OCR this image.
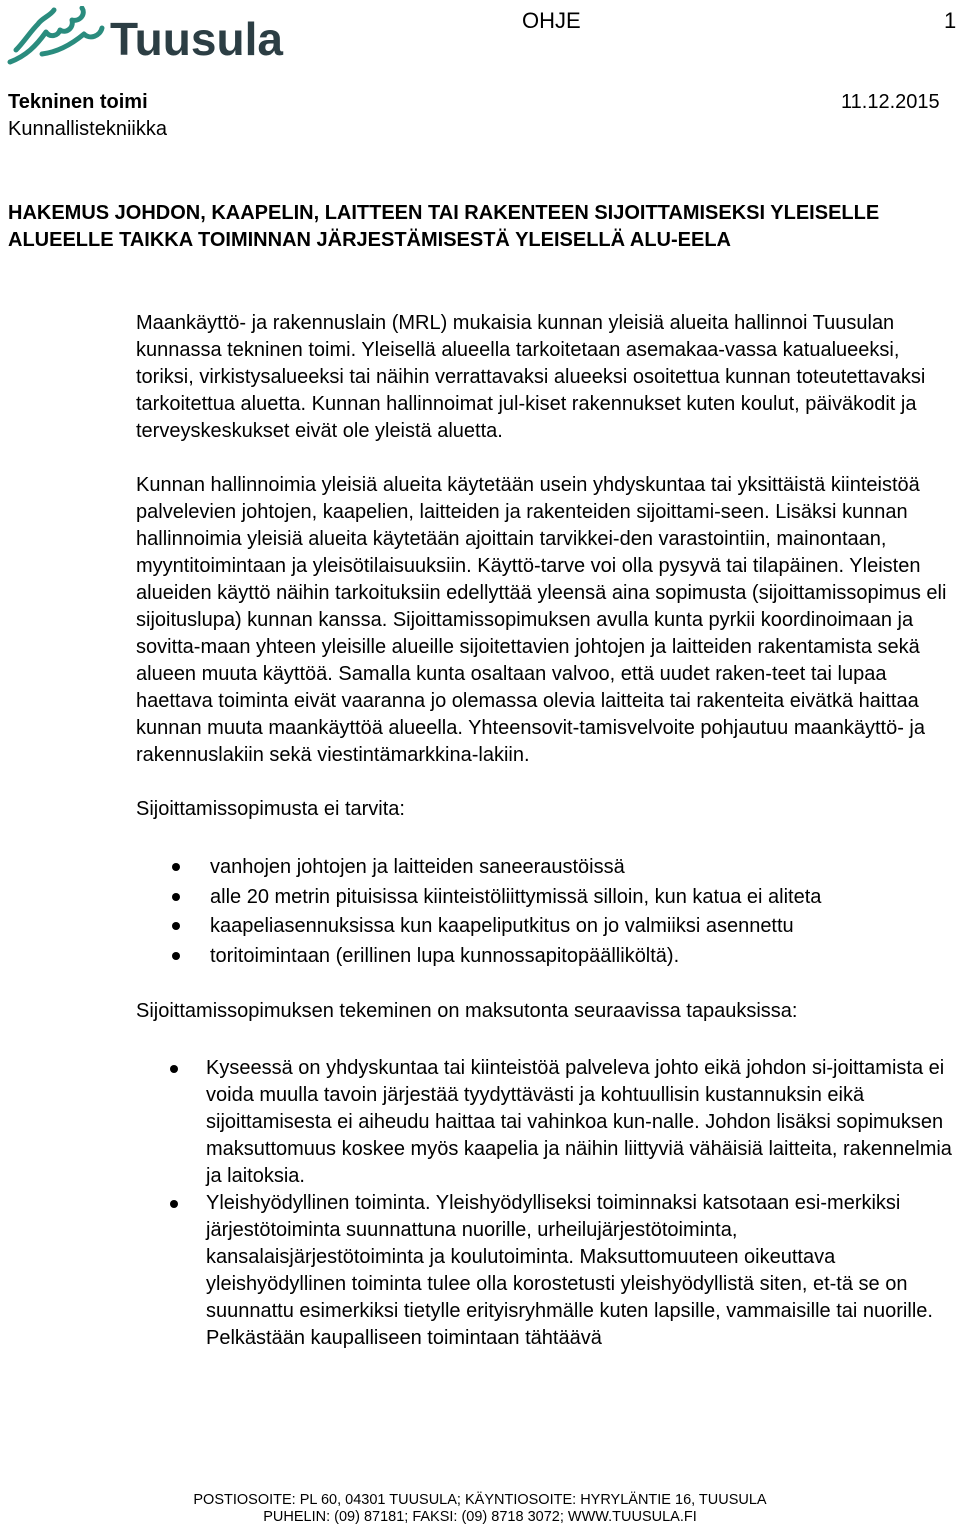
Tuusula	OHJE	1
Tekninen toimi	11.12.2015
Kunnallistekniikka
HAKEMUS JOHDON, KAAPELIN, LAITTEEN TAI RAKENTEEN SIJOITTAMISEKSI YLEISELLE ALUEELLE TAIKKA TOIMINNAN JÄRJESTÄMISESTÄ YLEISELLÄ ALU-EELA

Maankäyttö- ja rakennuslain (MRL) mukaisia kunnan yleisiä alueita hallinnoi Tuusulan kunnassa tekninen toimi. Yleisellä alueella tarkoitetaan asemakaa-vassa katualueeksi, toriksi, virkistysalueeksi tai näihin verrattavaksi alueeksi osoitettua kunnan toteutettavaksi tarkoitettua aluetta. Kunnan hallinnoimat jul-kiset rakennukset kuten koulut, päiväkodit ja terveyskeskukset eivät ole yleistä aluetta.

Kunnan hallinnoimia yleisiä alueita käytetään usein yhdyskuntaa tai yksittäistä kiinteistöä palvelevien johtojen, kaapelien, laitteiden ja rakenteiden sijoittami-seen. Lisäksi kunnan hallinnoimia yleisiä alueita käytetään ajoittain tarvikkei-den varastointiin, mainontaan, myyntitoimintaan ja yleisötilaisuuksiin. Käyttö-tarve voi olla pysyvä tai tilapäinen. Yleisten alueiden käyttö näihin tarkoituksiin edellyttää yleensä aina sopimusta (sijoittamissopimus eli sijoituslupa) kunnan kanssa. Sijoittamissopimuksen avulla kunta pyrkii koordinoimaan ja sovitta-maan yhteen yleisille alueille sijoitettavien johtojen ja laitteiden rakentamista sekä alueen muuta käyttöä. Samalla kunta osaltaan valvoo, että uudet raken-teet tai lupaa haettava toiminta eivät vaaranna jo olemassa olevia laitteita tai rakenteita eivätkä haittaa kunnan muuta maankäyttöä alueella. Yhteensovit-tamisvelvoite pohjautuu maankäyttö- ja rakennuslakiin sekä viestintämarkkina-lakiin.

Sijoittamissopimusta ei tarvita:

vanhojen johtojen ja laitteiden saneeraustöissä
alle 20 metrin pituisissa kiinteistöliittymissä silloin, kun katua ei aliteta
kaapeliasennuksissa kun kaapeliputkitus on jo valmiiksi asennettu
toritoimintaan (erillinen lupa kunnossapitopäälliköltä).

Sijoittamissopimuksen tekeminen on maksutonta seuraavissa tapauksissa:

Kyseessä on yhdyskuntaa tai kiinteistöä palveleva johto eikä johdon si-joittamista ei voida muulla tavoin järjestää tyydyttävästi ja kohtuullisin kustannuksin eikä sijoittamisesta ei aiheudu haittaa tai vahinkoa kun-nalle. Johdon lisäksi sopimuksen maksuttomuus koskee myös kaapelia ja näihin liittyviä vähäisiä laitteita, rakennelmia ja laitoksia.
Yleishyödyllinen toiminta. Yleishyödylliseksi toiminnaksi katsotaan esi-merkiksi järjestötoiminta suunnattuna nuorille, urheilujärjestötoiminta, kansalaisjärjestötoiminta ja koulutoiminta. Maksuttomuuteen oikeuttava yleishyödyllinen toiminta tulee olla korostetusti yleishyödyllistä siten, et-tä se on suunnattu esimerkiksi tietylle erityisryhmälle kuten lapsille, vammaisille tai nuorille. Pelkästään kaupalliseen toimintaan tähtäävä
POSTIOSOITE: PL 60, 04301 TUUSULA; KÄYNTIOSOITE: HYRYLÄNTIE 16, TUUSULA
PUHELIN: (09) 87181; FAKSI: (09) 8718 3072; WWW.TUUSULA.FI
